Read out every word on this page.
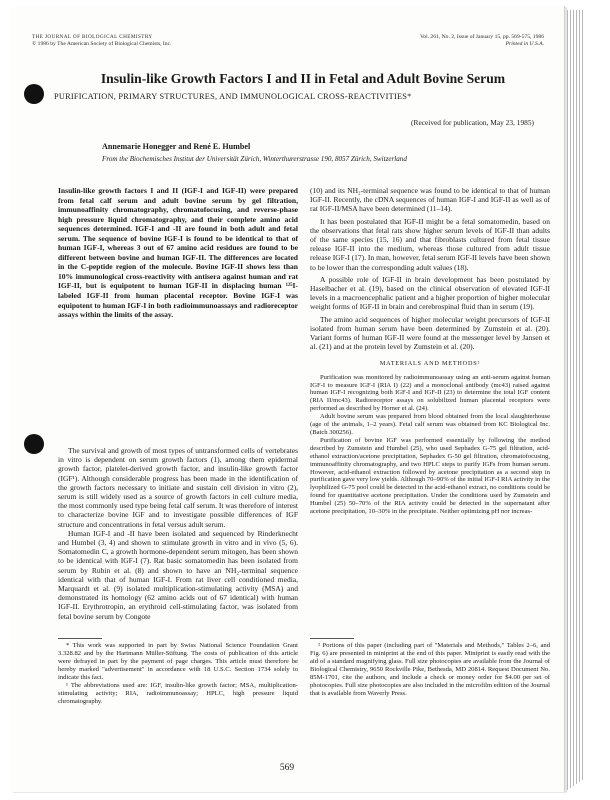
THE JOURNAL OF BIOLOGICAL CHEMISTRY
© 1986 by The American Society of Biological Chemists, Inc.
Vol. 261, No. 2, Issue of January 15, pp. 569-575, 1986
Printed in U.S.A.
Insulin-like Growth Factors I and II in Fetal and Adult Bovine Serum
PURIFICATION, PRIMARY STRUCTURES, AND IMMUNOLOGICAL CROSS-REACTIVITIES*
(Received for publication, May 23, 1985)
Annemarie Honegger and René E. Humbel
From the Biochemisches Institut der Universität Zürich, Winterthurerstrasse 190, 8057 Zürich, Switzerland

Insulin-like growth factors I and II (IGF-I and IGF-II) were prepared from fetal calf serum and adult bovine serum by gel filtration, immunoaffinity chromatography, chromatofocusing, and reverse-phase high pressure liquid chromatography, and their complete amino acid sequences determined. IGF-I and -II are found in both adult and fetal serum. The sequence of bovine IGF-I is found to be identical to that of human IGF-I, whereas 3 out of 67 amino acid residues are found to be different between bovine and human IGF-II. The differences are located in the C-peptide region of the molecule. Bovine IGF-II shows less than 10% immunological cross-reactivity with antisera against human and rat IGF-II, but is equipotent to human IGF-II in displacing human ¹²⁵I-labeled IGF-II from human placental receptor. Bovine IGF-I was equipotent to human IGF-I in both radioimmunoassays and radioreceptor assays within the limits of the assay.

The survival and growth of most types of untransformed cells of vertebrates in vitro is dependent on serum growth factors (1), among them epidermal growth factor, platelet-derived growth factor, and insulin-like growth factor (IGF¹). Although considerable progress has been made in the identification of the growth factors necessary to initiate and sustain cell division in vitro (2), serum is still widely used as a source of growth factors in cell culture media, the most commonly used type being fetal calf serum. It was therefore of interest to characterize bovine IGF and to investigate possible differences of IGF structure and concentrations in fetal versus adult serum.

Human IGF-I and -II have been isolated and sequenced by Rinderknecht and Humbel (3, 4) and shown to stimulate growth in vitro and in vivo (5, 6). Somatomedin C, a growth hormone-dependent serum mitogen, has been shown to be identical with IGF-I (7). Rat basic somatomedin has been isolated from serum by Rubin et al. (8) and shown to have an NH₂-terminal sequence identical with that of human IGF-I. From rat liver cell conditioned media, Marquardt et al. (9) isolated multiplication-stimulating activity (MSA) and demonstrated its homology (62 amino acids out of 67 identical) with human IGF-II. Erythrotropin, an erythroid cell-stimulating factor, was isolated from fetal bovine serum by Congote

* This work was supported in part by Swiss National Science Foundation Grant 3.328.82 and by the Hartmann Müller-Stiftung. The costs of publication of this article were defrayed in part by the payment of page charges. This article must therefore be hereby marked "advertisement" in accordance with 18 U.S.C. Section 1734 solely to indicate this fact.

¹ The abbreviations used are: IGF, insulin-like growth factor; MSA, multiplication-stimulating activity; RIA, radioimmunoassay; HPLC, high pressure liquid chromatography.

(10) and its NH₂-terminal sequence was found to be identical to that of human IGF-II. Recently, the cDNA sequences of human IGF-I and IGF-II as well as of rat IGF-II/MSA have been determined (11–14).

It has been postulated that IGF-II might be a fetal somatomedin, based on the observations that fetal rats show higher serum levels of IGF-II than adults of the same species (15, 16) and that fibroblasts cultured from fetal tissue release IGF-II into the medium, whereas those cultured from adult tissue release IGF-I (17). In man, however, fetal serum IGF-II levels have been shown to be lower than the corresponding adult values (18).

A possible role of IGF-II in brain development has been postulated by Haselbacher et al. (19), based on the clinical observation of elevated IGF-II levels in a macroencephalic patient and a higher proportion of higher molecular weight forms of IGF-II in brain and cerebrospinal fluid than in serum (19).

The amino acid sequences of higher molecular weight precursors of IGF-II isolated from human serum have been determined by Zumstein et al. (20). Variant forms of human IGF-II were found at the messenger level by Jansen et al. (21) and at the protein level by Zumstein et al. (20).

MATERIALS AND METHODS²

Purification was monitored by radioimmunoassay using an anti-serum against human IGF-I to measure IGF-I (RIA I) (22) and a monoclonal antibody (mc43) raised against human IGF-I recognizing both IGF-I and IGF-II (23) to determine the total IGF content (RIA II/mc43). Radioreceptor assays on solubilized human placental receptors were performed as described by Horner et al. (24).

Adult bovine serum was prepared from blood obtained from the local slaughterhouse (age of the animals, 1–2 years). Fetal calf serum was obtained from KC Biological Inc. (Batch 300256).

Purification of bovine IGF was performed essentially by following the method described by Zumstein and Humbel (25), who used Sephadex G-75 gel filtration, acid-ethanol extraction/acetone precipitation, Sephadex G-50 gel filtration, chromatofocusing, immunoaffinity chromatography, and two HPLC steps to purify IGFs from human serum. However, acid-ethanol extraction followed by acetone precipitation as a second step in purification gave very low yields. Although 70–90% of the initial IGF-I RIA activity in the lyophilized G-75 pool could be detected in the acid-ethanol extract, no conditions could be found for quantitative acetone precipitation. Under the conditions used by Zumstein and Humbel (25) 50–70% of the RIA activity could be detected in the supernatant after acetone precipitation, 10–30% in the precipitate. Neither optimizing pH nor increas-

² Portions of this paper (including part of "Materials and Methods," Tables 2–6, and Fig. 6) are presented in miniprint at the end of this paper. Miniprint is easily read with the aid of a standard magnifying glass. Full size photocopies are available from the Journal of Biological Chemistry, 9650 Rockville Pike, Bethesda, MD 20814. Request Document No. 85M-1701, cite the authors, and include a check or money order for $4.00 per set of photocopies. Full size photocopies are also included in the microfilm edition of the Journal that is available from Waverly Press.

569
